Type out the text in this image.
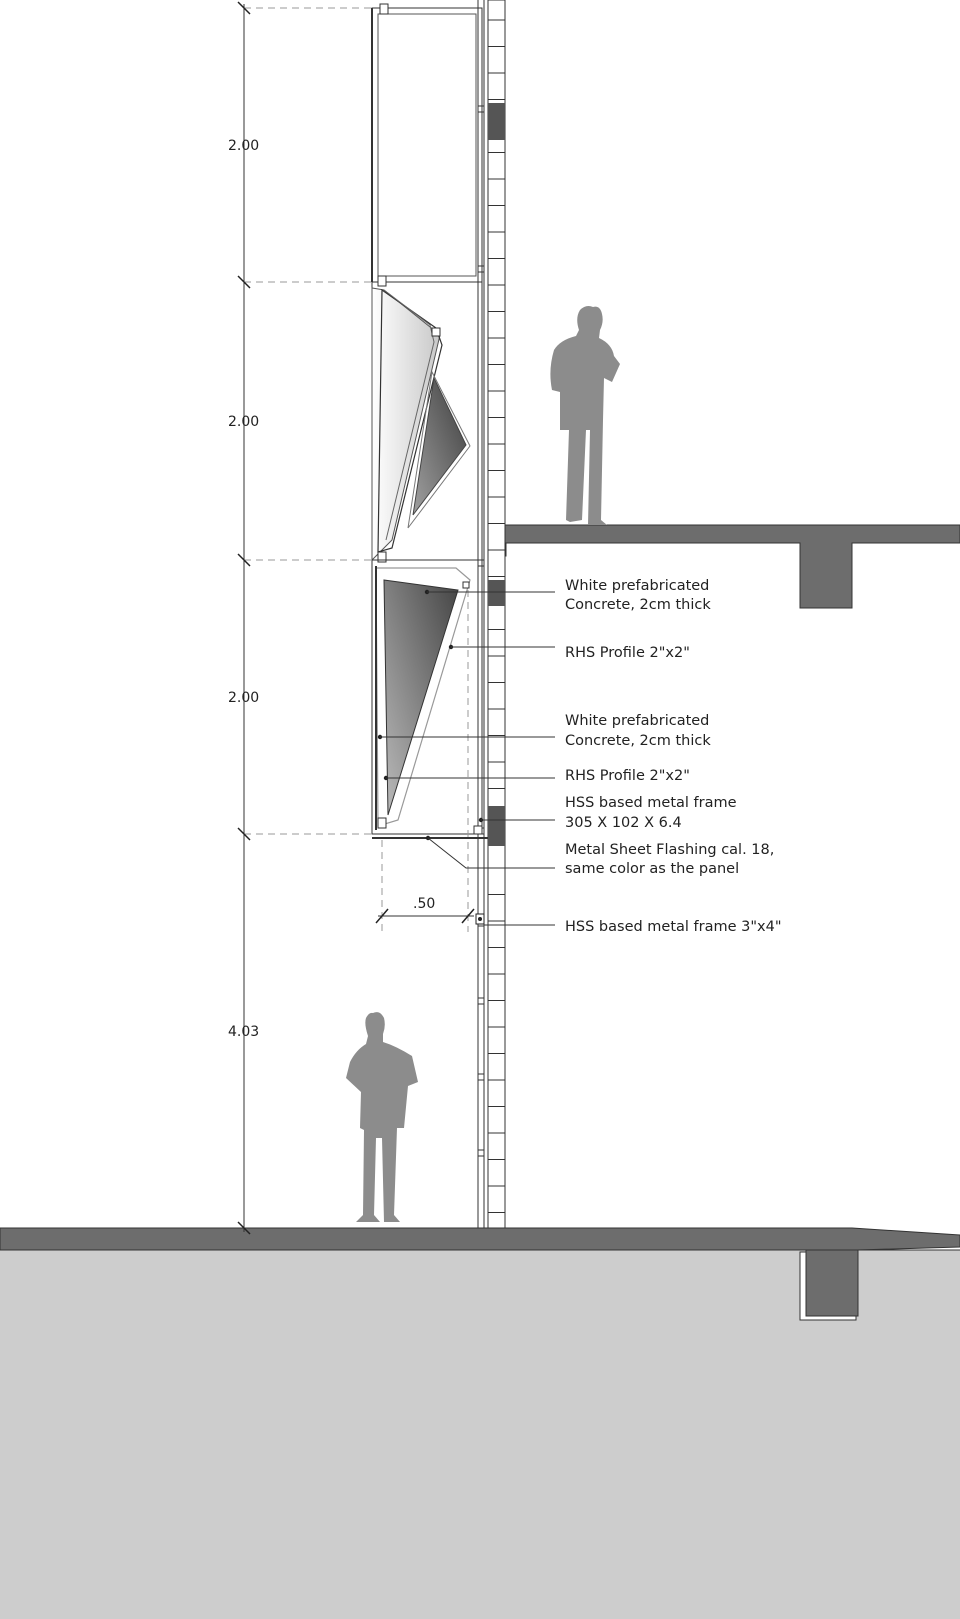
2.00
2.00
2.00
4.03
.50
White prefabricated
Concrete, 2cm thick
RHS Profile 2"x2"
White prefabricated
Concrete, 2cm thick
RHS Profile 2"x2"
HSS based metal frame
305 X 102 X 6.4
Metal Sheet Flashing cal. 18,
same color as the panel
HSS based metal frame 3"x4"
